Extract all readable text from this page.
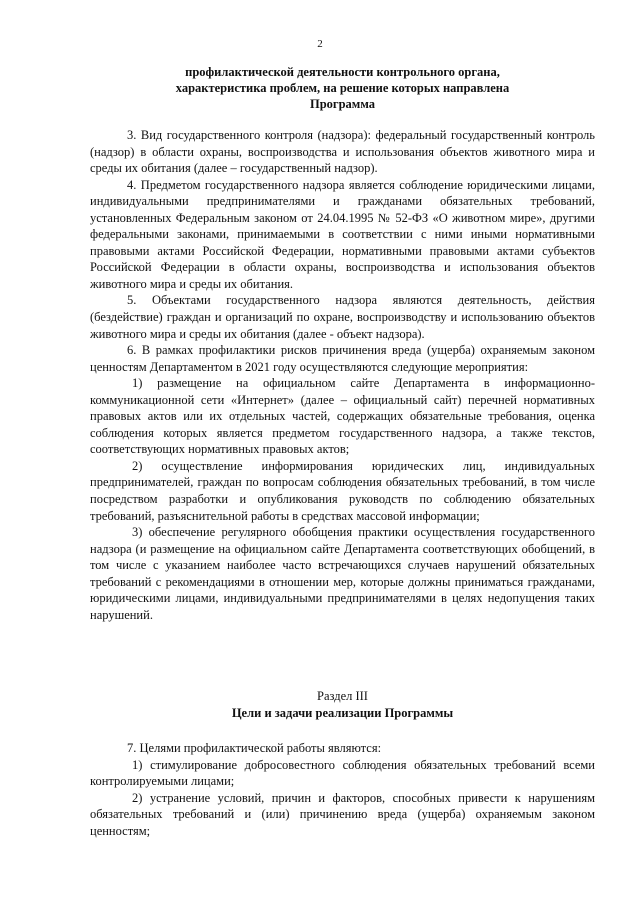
2
профилактической деятельности контрольного органа,
характеристика проблем, на решение которых направлена
Программа

3. Вид государственного контроля (надзора): федеральный государственный контроль (надзор) в области охраны, воспроизводства и использования объектов животного мира и среды их обитания (далее – государственный надзор).

4. Предметом государственного надзора является соблюдение юридическими лицами, индивидуальными предпринимателями и гражданами обязательных требований, установленных Федеральным законом от 24.04.1995 № 52-ФЗ «О животном мире», другими федеральными законами, принимаемыми в соответствии с ними иными нормативными правовыми актами Российской Федерации, нормативными правовыми актами субъектов Российской Федерации в области охраны, воспроизводства и использования объектов животного мира и среды их обитания.

5. Объектами государственного надзора являются деятельность, действия (бездействие) граждан и организаций по охране, воспроизводству и использованию объектов животного мира и среды их обитания (далее - объект надзора).

6. В рамках профилактики рисков причинения вреда (ущерба) охраняемым законом ценностям Департаментом в 2021 году осуществляются следующие мероприятия:

1) размещение на официальном сайте Департамента в информационно-коммуникационной сети «Интернет» (далее – официальный сайт) перечней нормативных правовых актов или их отдельных частей, содержащих обязательные требования, оценка соблюдения которых является предметом государственного надзора, а также текстов, соответствующих нормативных правовых актов;

2) осуществление информирования юридических лиц, индивидуальных предпринимателей, граждан по вопросам соблюдения обязательных требований, в том числе посредством разработки и опубликования руководств по соблюдению обязательных требований, разъяснительной работы в средствах массовой информации;

3) обеспечение регулярного обобщения практики осуществления государственного надзора (и размещение на официальном сайте Департамента соответствующих обобщений, в том числе с указанием наиболее часто встречающихся случаев нарушений обязательных требований с рекомендациями в отношении мер, которые должны приниматься гражданами, юридическими лицами, индивидуальными предпринимателями в целях недопущения таких нарушений.

Раздел III
Цели и задачи реализации Программы

7. Целями профилактической работы являются:

1) стимулирование добросовестного соблюдения обязательных требований всеми контролируемыми лицами;

2) устранение условий, причин и факторов, способных привести к нарушениям обязательных требований и (или) причинению вреда (ущерба) охраняемым законом ценностям;
